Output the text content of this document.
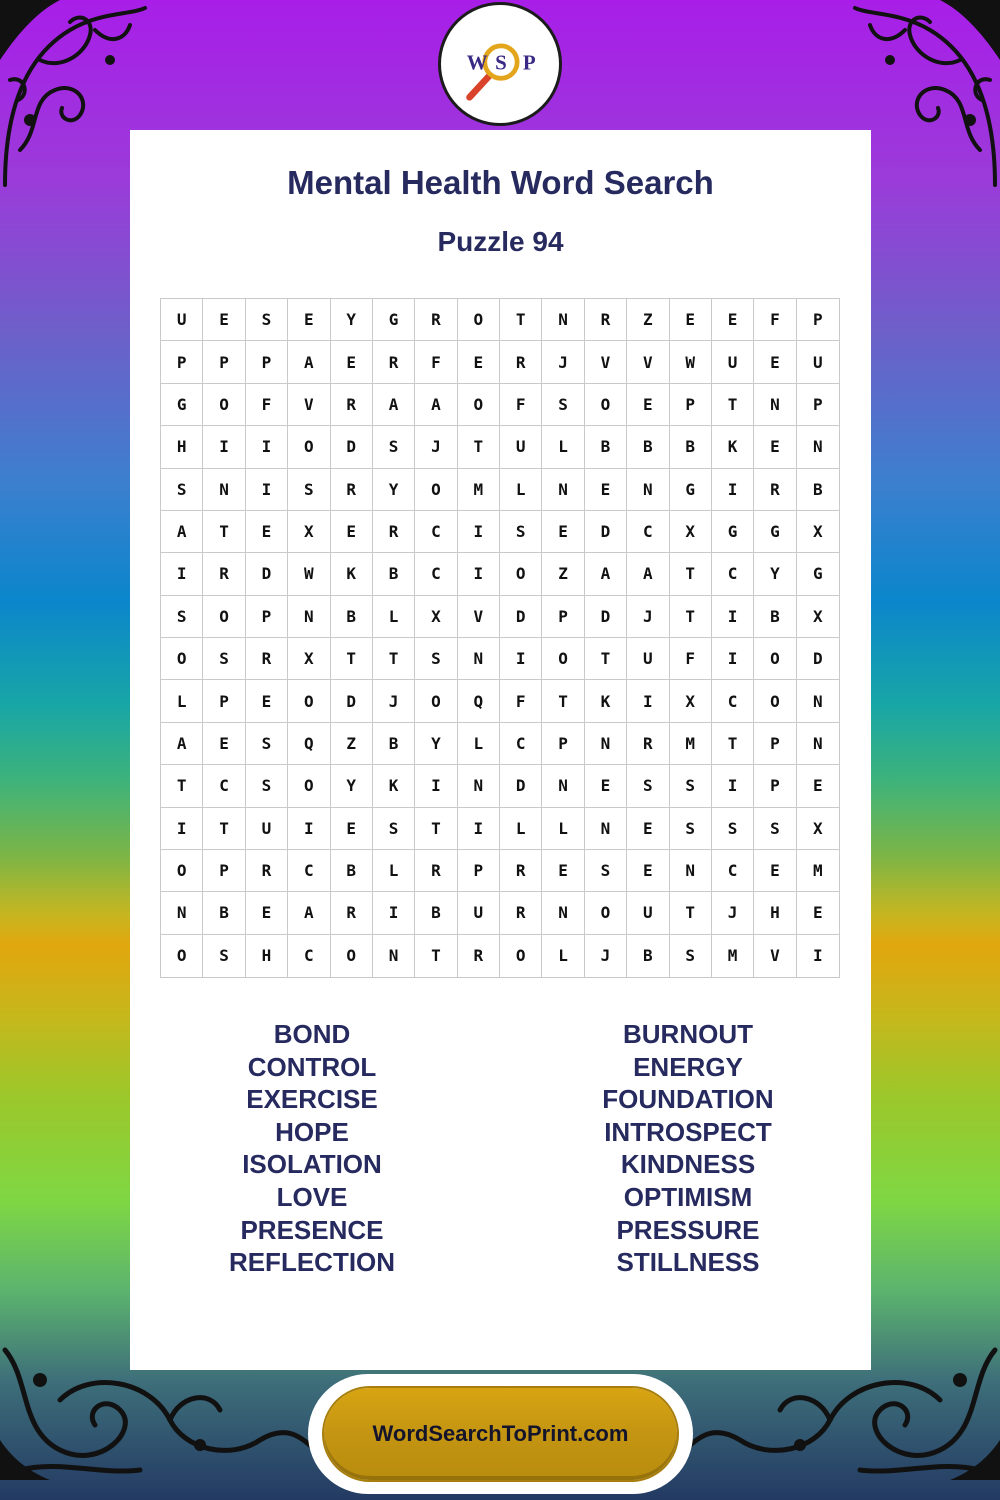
W S P
Mental Health Word Search
Puzzle 94
U	E	S	E	Y	G	R	O	T	N	R	Z	E	E	F	P
P	P	P	A	E	R	F	E	R	J	V	V	W	U	E	U
G	O	F	V	R	A	A	O	F	S	O	E	P	T	N	P
H	I	I	O	D	S	J	T	U	L	B	B	B	K	E	N
S	N	I	S	R	Y	O	M	L	N	E	N	G	I	R	B
A	T	E	X	E	R	C	I	S	E	D	C	X	G	G	X
I	R	D	W	K	B	C	I	O	Z	A	A	T	C	Y	G
S	O	P	N	B	L	X	V	D	P	D	J	T	I	B	X
O	S	R	X	T	T	S	N	I	O	T	U	F	I	O	D
L	P	E	O	D	J	O	Q	F	T	K	I	X	C	O	N
A	E	S	Q	Z	B	Y	L	C	P	N	R	M	T	P	N
T	C	S	O	Y	K	I	N	D	N	E	S	S	I	P	E
I	T	U	I	E	S	T	I	L	L	N	E	S	S	S	X
O	P	R	C	B	L	R	P	R	E	S	E	N	C	E	M
N	B	E	A	R	I	B	U	R	N	O	U	T	J	H	E
O	S	H	C	O	N	T	R	O	L	J	B	S	M	V	I
BOND
CONTROL
EXERCISE
HOPE
ISOLATION
LOVE
PRESENCE
REFLECTION
BURNOUT
ENERGY
FOUNDATION
INTROSPECT
KINDNESS
OPTIMISM
PRESSURE
STILLNESS
WordSearchToPrint.com
